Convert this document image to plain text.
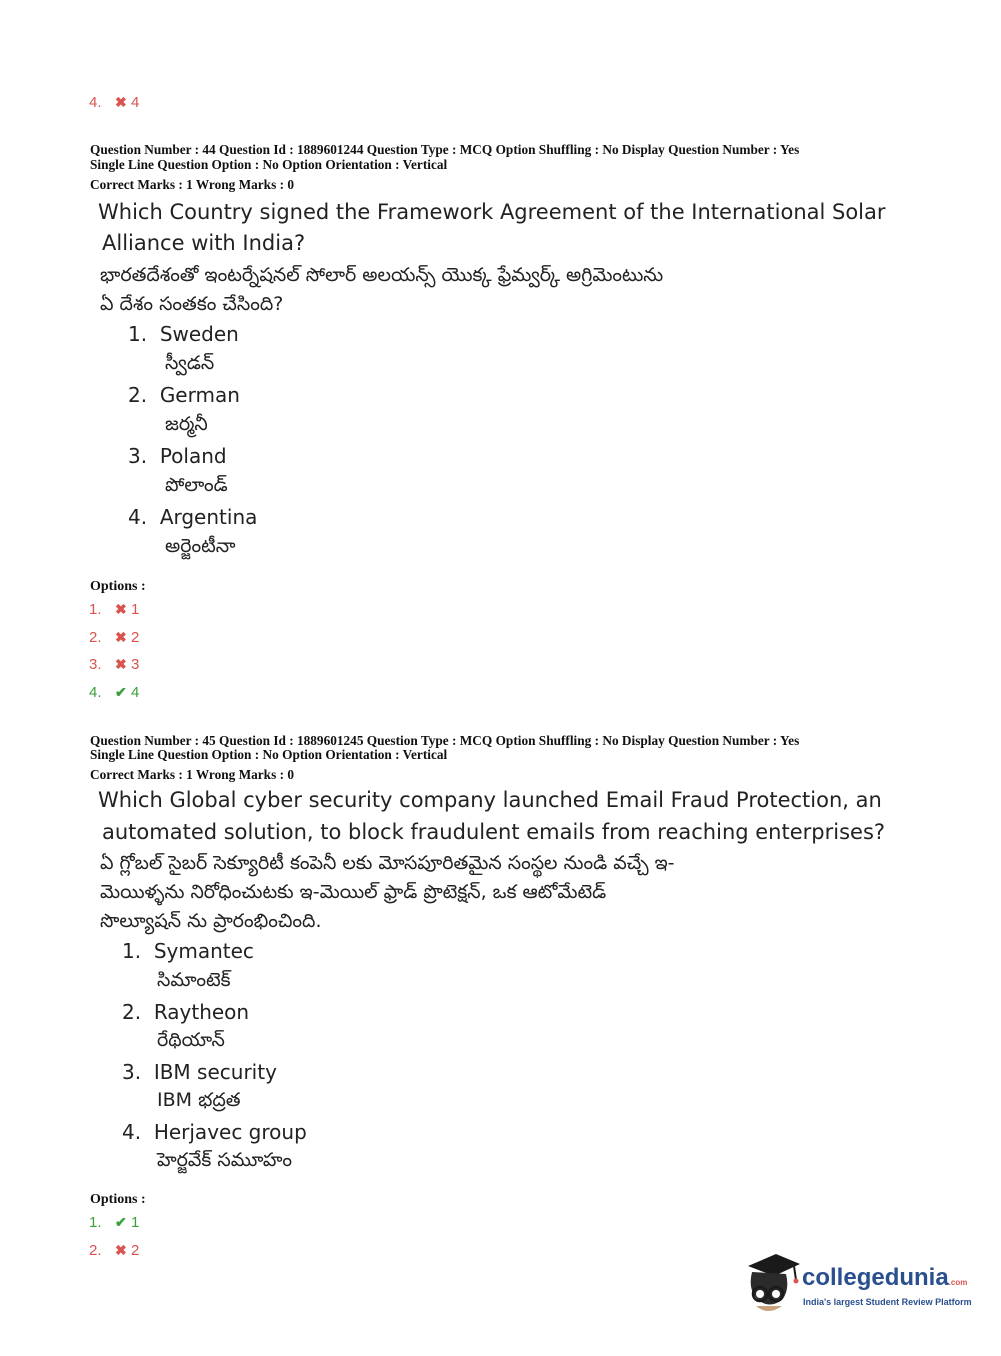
4. ✖ 4
Question Number : 44 Question Id : 1889601244 Question Type : MCQ Option Shuffling : No Display Question Number : Yes
Single Line Question Option : No Option Orientation : Vertical
Correct Marks : 1 Wrong Marks : 0
Which Country signed the Framework Agreement of the International Solar
Alliance with India?
భారతదేశంతో ఇంటర్నేషనల్ సోలార్ అలయన్స్ యొక్క ఫ్రేమ్వర్క్ అగ్రిమెంటును
ఏ దేశం సంతకం చేసింది?
1. Sweden
స్వీడన్
2. German
జర్మనీ
3. Poland
పోలాండ్
4. Argentina
అర్జెంటీనా
Options :
1. ✖ 1
2. ✖ 2
3. ✖ 3
4. ✔ 4
Question Number : 45 Question Id : 1889601245 Question Type : MCQ Option Shuffling : No Display Question Number : Yes
Single Line Question Option : No Option Orientation : Vertical
Correct Marks : 1 Wrong Marks : 0
Which Global cyber security company launched Email Fraud Protection, an
automated solution, to block fraudulent emails from reaching enterprises?
ఏ గ్లోబల్ సైబర్ సెక్యూరిటీ కంపెనీ లకు మోసపూరితమైన సంస్థల నుండి వచ్చే ఇ-
మెయిళ్ళను నిరోధించుటకు ఇ-మెయిల్ ఫ్రాడ్ ప్రొటెక్షన్, ఒక ఆటోమేటెడ్
సొల్యూషన్ ను ప్రారంభించింది.
1. Symantec
సిమాంటెక్
2. Raytheon
రేథియాన్
3. IBM security
IBM భద్రత
4. Herjavec group
హెర్జవేక్ సమూహం
Options :
1. ✔ 1
2. ✖ 2
collegedunia.com
India's largest Student Review Platform
